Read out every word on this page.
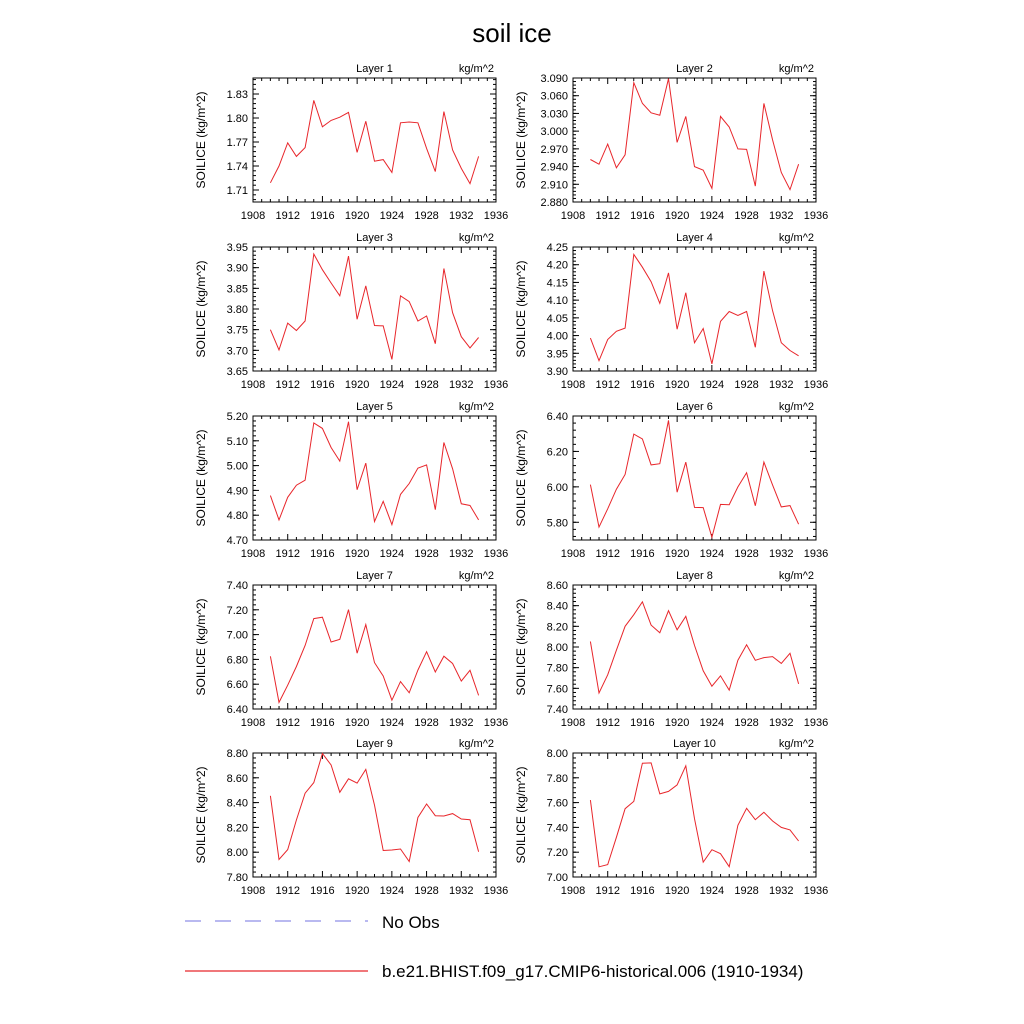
soil ice
1908 1912 1916 1920 1924 1928 1932 1936
1.71
1.74
1.77
1.80
1.83
SOILICE (kg/m^2)
Layer 1	kg/m^2
1908 1912 1916 1920 1924 1928 1932 1936
2.880
2.910
2.940
2.970
3.000
3.030
3.060
3.090
SOILICE (kg/m^2)
Layer 2	kg/m^2
1908 1912 1916 1920 1924 1928 1932 1936
3.65
3.70
3.75
3.80
3.85
3.90
3.95
SOILICE (kg/m^2)
Layer 3	kg/m^2
1908 1912 1916 1920 1924 1928 1932 1936
3.90
3.95
4.00
4.05
4.10
4.15
4.20
4.25
SOILICE (kg/m^2)
Layer 4	kg/m^2
1908 1912 1916 1920 1924 1928 1932 1936
4.70
4.80
4.90
5.00
5.10
5.20
SOILICE (kg/m^2)
Layer 5	kg/m^2
1908 1912 1916 1920 1924 1928 1932 1936
5.80
6.00
6.20
6.40
SOILICE (kg/m^2)
Layer 6	kg/m^2
1908 1912 1916 1920 1924 1928 1932 1936
6.40
6.60
6.80
7.00
7.20
7.40
SOILICE (kg/m^2)
Layer 7	kg/m^2
1908 1912 1916 1920 1924 1928 1932 1936
7.40
7.60
7.80
8.00
8.20
8.40
8.60
SOILICE (kg/m^2)
Layer 8	kg/m^2
1908 1912 1916 1920 1924 1928 1932 1936
7.80
8.00
8.20
8.40
8.60
8.80
SOILICE (kg/m^2)
Layer 9	kg/m^2
1908 1912 1916 1920 1924 1928 1932 1936
7.00
7.20
7.40
7.60
7.80
8.00
SOILICE (kg/m^2)
Layer 10	kg/m^2
No Obs
b.e21.BHIST.f09_g17.CMIP6-historical.006 (1910-1934)
